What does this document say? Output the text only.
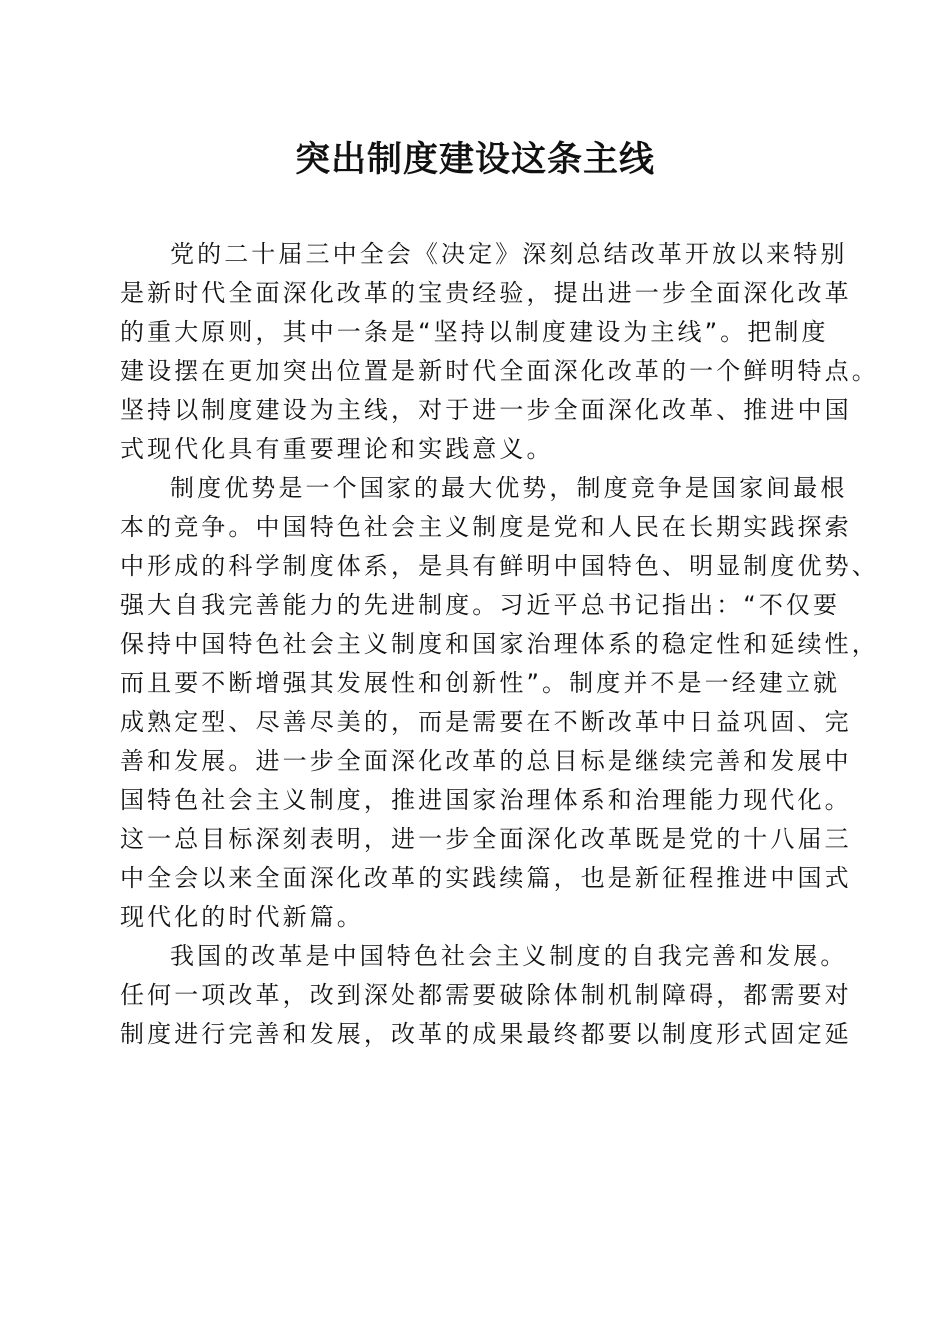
突出制度建设这条主线
党的二十届三中全会《决定》深刻总结改革开放以来特别
是新时代全面深化改革的宝贵经验，提出进一步全面深化改革
的重大原则，其中一条是“坚持以制度建设为主线”。把制度
建设摆在更加突出位置是新时代全面深化改革的一个鲜明特点。
坚持以制度建设为主线，对于进一步全面深化改革、推进中国
式现代化具有重要理论和实践意义。
制度优势是一个国家的最大优势，制度竞争是国家间最根
本的竞争。中国特色社会主义制度是党和人民在长期实践探索
中形成的科学制度体系，是具有鲜明中国特色、明显制度优势、
强大自我完善能力的先进制度。习近平总书记指出：“不仅要
保持中国特色社会主义制度和国家治理体系的稳定性和延续性，
而且要不断增强其发展性和创新性”。制度并不是一经建立就
成熟定型、尽善尽美的，而是需要在不断改革中日益巩固、完
善和发展。进一步全面深化改革的总目标是继续完善和发展中
国特色社会主义制度，推进国家治理体系和治理能力现代化。
这一总目标深刻表明，进一步全面深化改革既是党的十八届三
中全会以来全面深化改革的实践续篇，也是新征程推进中国式
现代化的时代新篇。
我国的改革是中国特色社会主义制度的自我完善和发展。
任何一项改革，改到深处都需要破除体制机制障碍，都需要对
制度进行完善和发展，改革的成果最终都要以制度形式固定延
